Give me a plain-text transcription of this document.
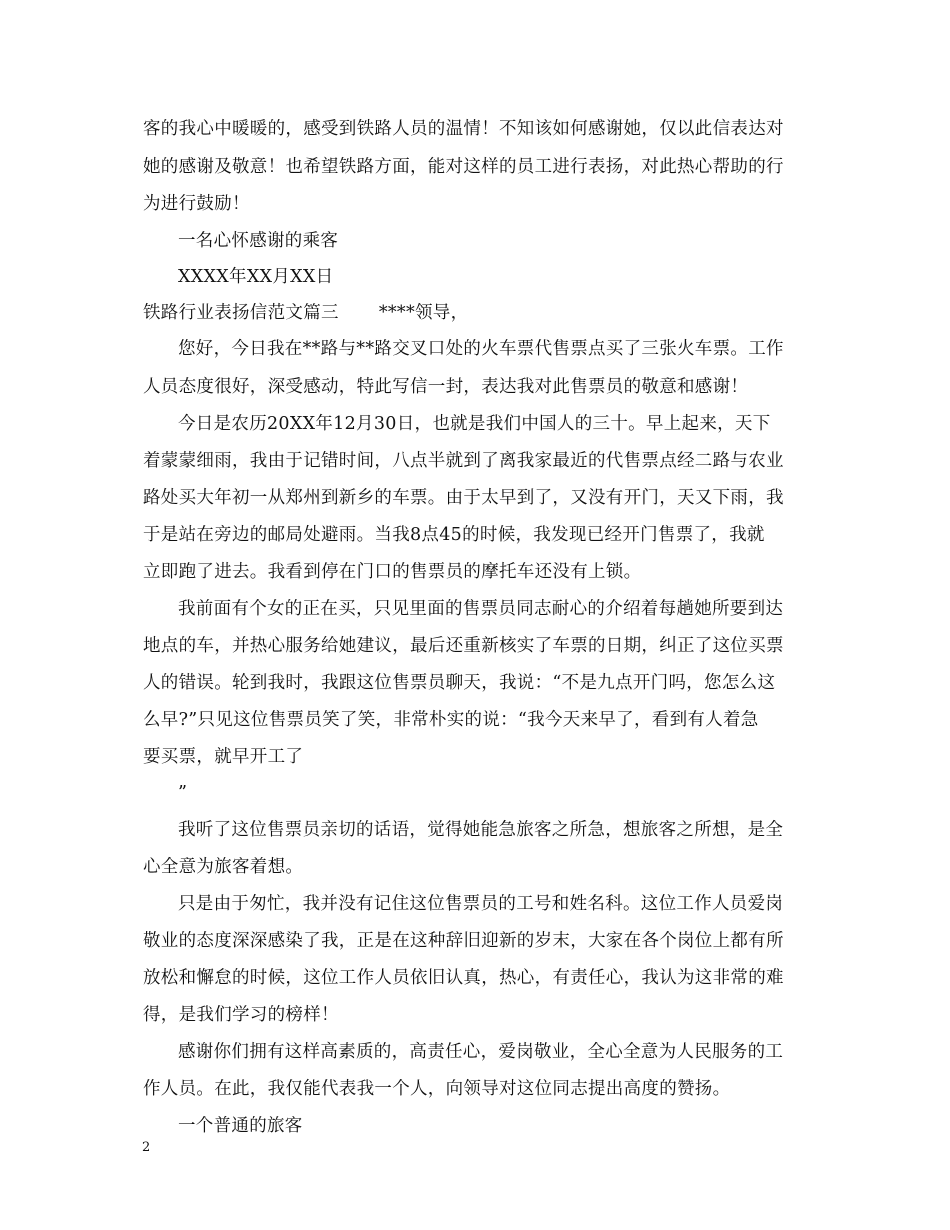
客的我心中暖暖的，感受到铁路人员的温情！不知该如何感谢她，仅以此信表达对
她的感谢及敬意！也希望铁路方面，能对这样的员工进行表扬，对此热心帮助的行
为进行鼓励！
一名心怀感谢的乘客
XXXX年XX月XX日
铁路行业表扬信范文篇三 ****领导，
您好，今日我在**路与**路交叉口处的火车票代售票点买了三张火车票。工作
人员态度很好，深受感动，特此写信一封，表达我对此售票员的敬意和感谢！
今日是农历20XX年12月30日，也就是我们中国人的三十。早上起来，天下
着蒙蒙细雨，我由于记错时间，八点半就到了离我家最近的代售票点经二路与农业
路处买大年初一从郑州到新乡的车票。由于太早到了，又没有开门，天又下雨，我
于是站在旁边的邮局处避雨。当我8点45的时候，我发现已经开门售票了，我就
立即跑了进去。我看到停在门口的售票员的摩托车还没有上锁。
我前面有个女的正在买，只见里面的售票员同志耐心的介绍着每趟她所要到达
地点的车，并热心服务给她建议，最后还重新核实了车票的日期，纠正了这位买票
人的错误。轮到我时，我跟这位售票员聊天，我说：“不是九点开门吗，您怎么这
么早?”只见这位售票员笑了笑，非常朴实的说：“我今天来早了，看到有人着急
要买票，就早开工了
”
我听了这位售票员亲切的话语，觉得她能急旅客之所急，想旅客之所想，是全
心全意为旅客着想。
只是由于匆忙，我并没有记住这位售票员的工号和姓名科。这位工作人员爱岗
敬业的态度深深感染了我，正是在这种辞旧迎新的岁末，大家在各个岗位上都有所
放松和懈怠的时候，这位工作人员依旧认真，热心，有责任心，我认为这非常的难
得，是我们学习的榜样！
感谢你们拥有这样高素质的，高责任心，爱岗敬业，全心全意为人民服务的工
作人员。在此，我仅能代表我一个人，向领导对这位同志提出高度的赞扬。
一个普通的旅客
2
